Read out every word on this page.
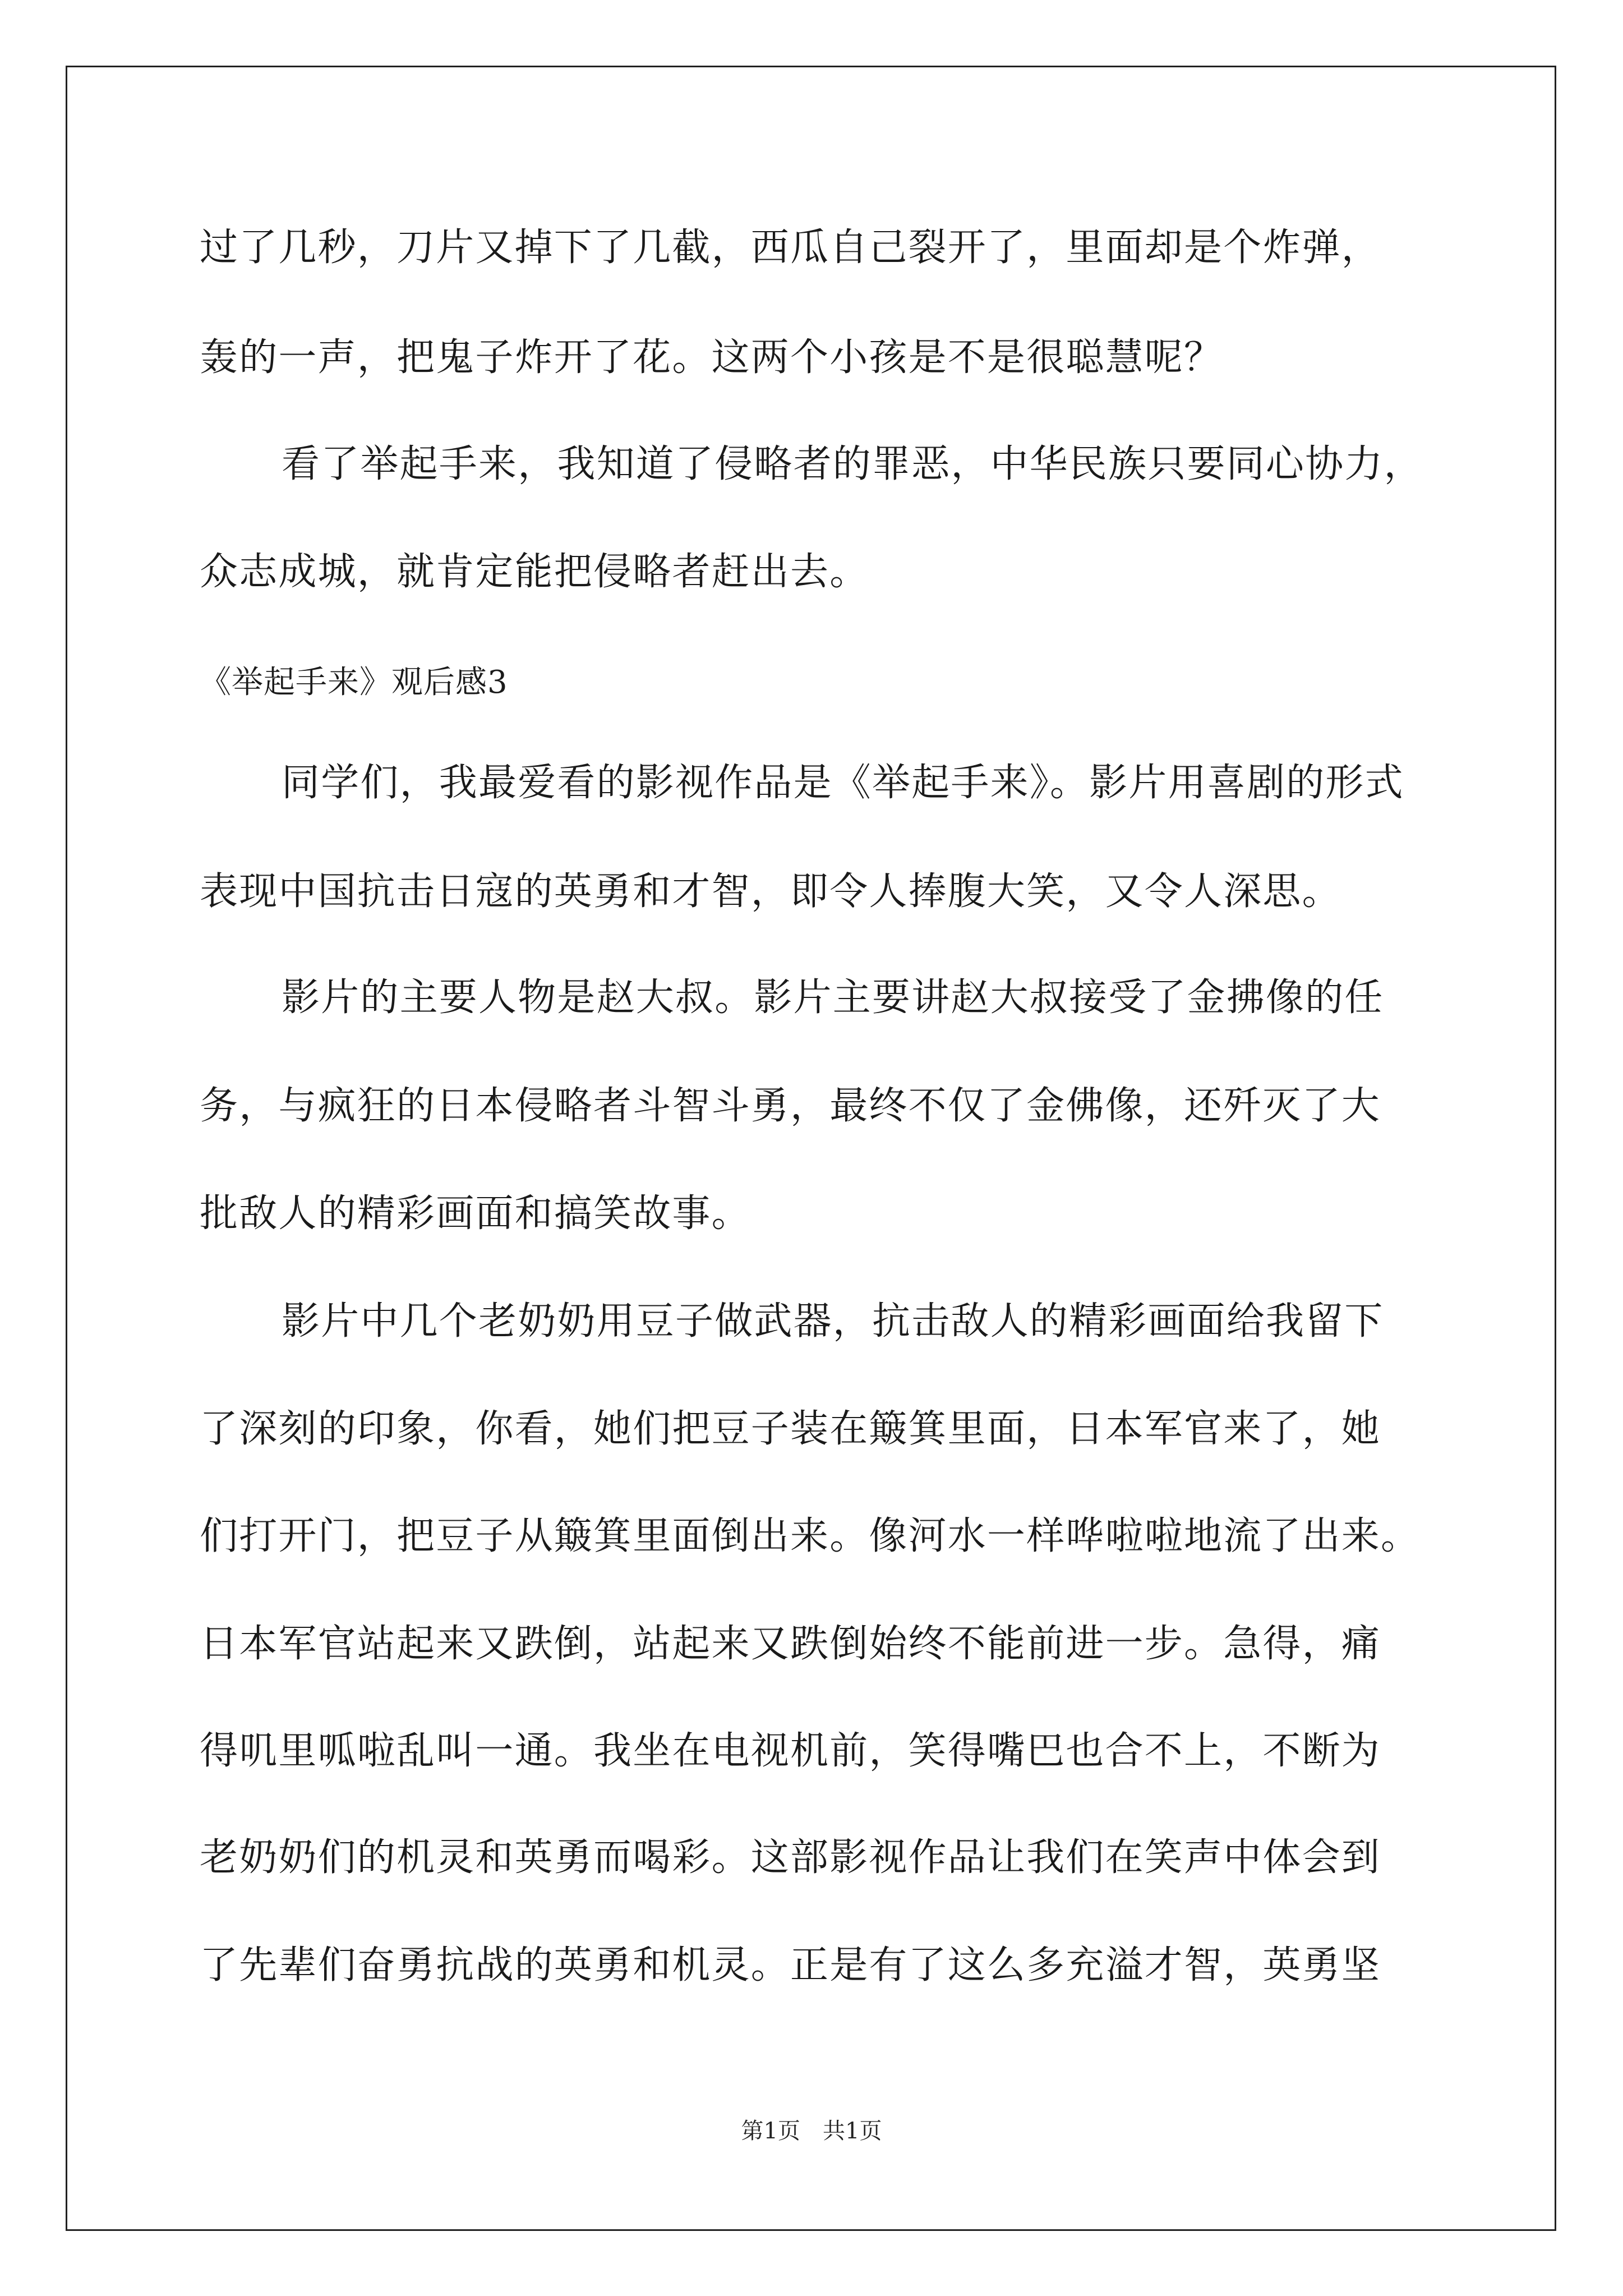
过了几秒，刀片又掉下了几截，西瓜自己裂开了，里面却是个炸弹，
轰的一声，把鬼子炸开了花。这两个小孩是不是很聪慧呢？
看了举起手来，我知道了侵略者的罪恶，中华民族只要同心协力，
众志成城，就肯定能把侵略者赶出去。
《举起手来》观后感3
同学们，我最爱看的影视作品是《举起手来》。影片用喜剧的形式
表现中国抗击日寇的英勇和才智，即令人捧腹大笑，又令人深思。
影片的主要人物是赵大叔。影片主要讲赵大叔接受了金拂像的任
务，与疯狂的日本侵略者斗智斗勇，最终不仅了金佛像，还歼灭了大
批敌人的精彩画面和搞笑故事。
影片中几个老奶奶用豆子做武器，抗击敌人的精彩画面给我留下
了深刻的印象，你看，她们把豆子装在簸箕里面，日本军官来了，她
们打开门，把豆子从簸箕里面倒出来。像河水一样哗啦啦地流了出来。
日本军官站起来又跌倒，站起来又跌倒始终不能前进一步。急得，痛
得叽里呱啦乱叫一通。我坐在电视机前，笑得嘴巴也合不上，不断为
老奶奶们的机灵和英勇而喝彩。这部影视作品让我们在笑声中体会到
了先辈们奋勇抗战的英勇和机灵。正是有了这么多充溢才智，英勇坚
第1页　共1页
